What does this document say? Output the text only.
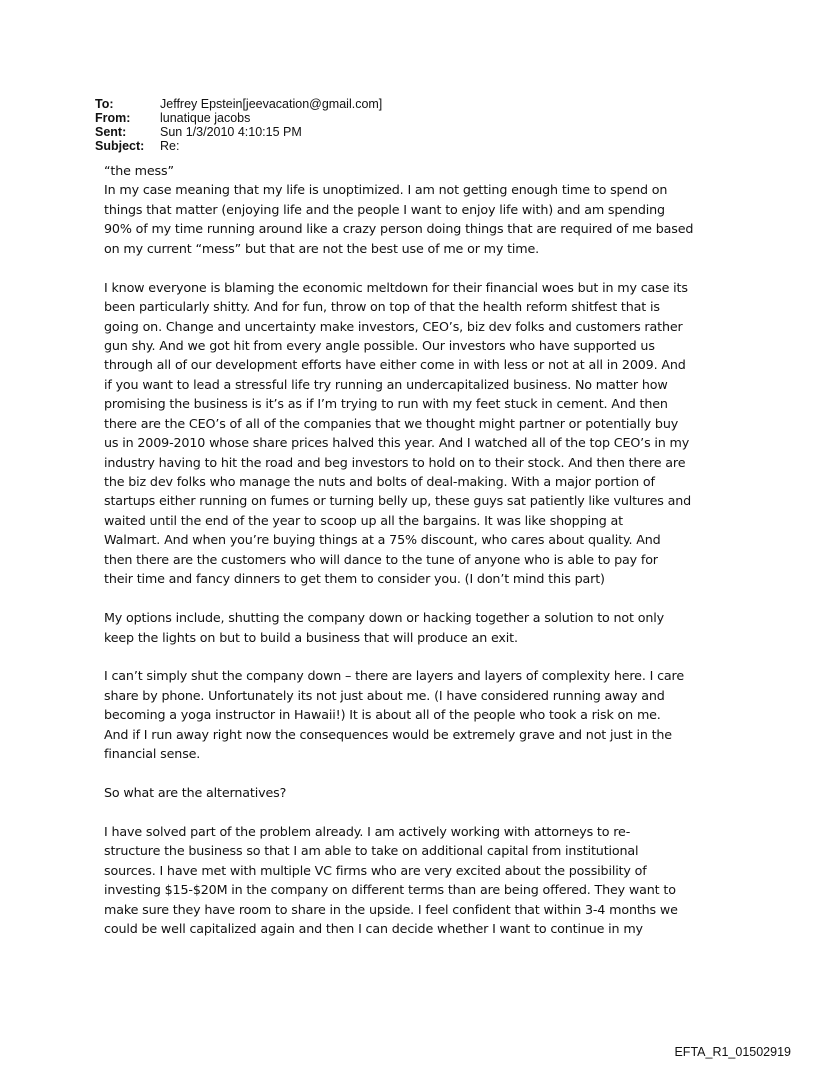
To:	Jeffrey Epstein[jeevacation@gmail.com]
From:	lunatique jacobs
Sent:	Sun 1/3/2010 4:10:15 PM
Subject:	Re:
“the mess”
In my case meaning that my life is unoptimized. I am not getting enough time to spend on
things that matter (enjoying life and the people I want to enjoy life with) and am spending
90% of my time running around like a crazy person doing things that are required of me based
on my current “mess” but that are not the best use of me or my time.
I know everyone is blaming the economic meltdown for their financial woes but in my case its
been particularly shitty. And for fun, throw on top of that the health reform shitfest that is
going on. Change and uncertainty make investors, CEO’s, biz dev folks and customers rather
gun shy. And we got hit from every angle possible. Our investors who have supported us
through all of our development efforts have either come in with less or not at all in 2009. And
if you want to lead a stressful life try running an undercapitalized business. No matter how
promising the business is it’s as if I’m trying to run with my feet stuck in cement. And then
there are the CEO’s of all of the companies that we thought might partner or potentially buy
us in 2009-2010 whose share prices halved this year. And I watched all of the top CEO’s in my
industry having to hit the road and beg investors to hold on to their stock. And then there are
the biz dev folks who manage the nuts and bolts of deal-making. With a major portion of
startups either running on fumes or turning belly up, these guys sat patiently like vultures and
waited until the end of the year to scoop up all the bargains. It was like shopping at
Walmart. And when you’re buying things at a 75% discount, who cares about quality. And
then there are the customers who will dance to the tune of anyone who is able to pay for
their time and fancy dinners to get them to consider you. (I don’t mind this part)
My options include, shutting the company down or hacking together a solution to not only
keep the lights on but to build a business that will produce an exit.
I can’t simply shut the company down – there are layers and layers of complexity here. I care
share by phone. Unfortunately its not just about me. (I have considered running away and
becoming a yoga instructor in Hawaii!) It is about all of the people who took a risk on me.
And if I run away right now the consequences would be extremely grave and not just in the
financial sense.
So what are the alternatives?
I have solved part of the problem already. I am actively working with attorneys to re-
structure the business so that I am able to take on additional capital from institutional
sources. I have met with multiple VC firms who are very excited about the possibility of
investing $15-$20M in the company on different terms than are being offered. They want to
make sure they have room to share in the upside. I feel confident that within 3-4 months we
could be well capitalized again and then I can decide whether I want to continue in my
EFTA_R1_01502919
